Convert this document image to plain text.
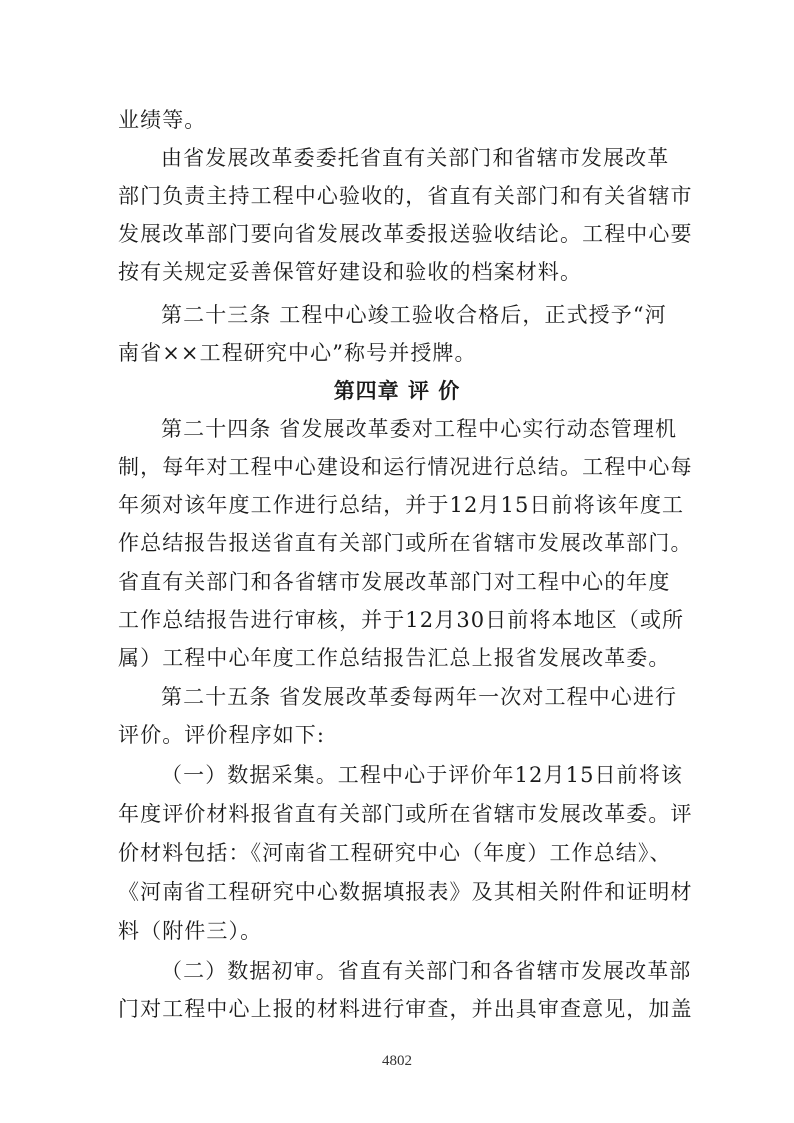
业绩等。
由省发展改革委委托省直有关部门和省辖市发展改革
部门负责主持工程中心验收的，省直有关部门和有关省辖市
发展改革部门要向省发展改革委报送验收结论。工程中心要
按有关规定妥善保管好建设和验收的档案材料。
第二十三条 工程中心竣工验收合格后，正式授予“河
南省××工程研究中心”称号并授牌。
第四章 评 价
第二十四条 省发展改革委对工程中心实行动态管理机
制，每年对工程中心建设和运行情况进行总结。工程中心每
年须对该年度工作进行总结，并于12月15日前将该年度工
作总结报告报送省直有关部门或所在省辖市发展改革部门。
省直有关部门和各省辖市发展改革部门对工程中心的年度
工作总结报告进行审核，并于12月30日前将本地区（或所
属）工程中心年度工作总结报告汇总上报省发展改革委。
第二十五条 省发展改革委每两年一次对工程中心进行
评价。评价程序如下:
（一）数据采集。工程中心于评价年12月15日前将该
年度评价材料报省直有关部门或所在省辖市发展改革委。评
价材料包括：《河南省工程研究中心（年度）工作总结》、
《河南省工程研究中心数据填报表》及其相关附件和证明材
料（附件三）。
（二）数据初审。省直有关部门和各省辖市发展改革部
门对工程中心上报的材料进行审查，并出具审查意见，加盖
4802
